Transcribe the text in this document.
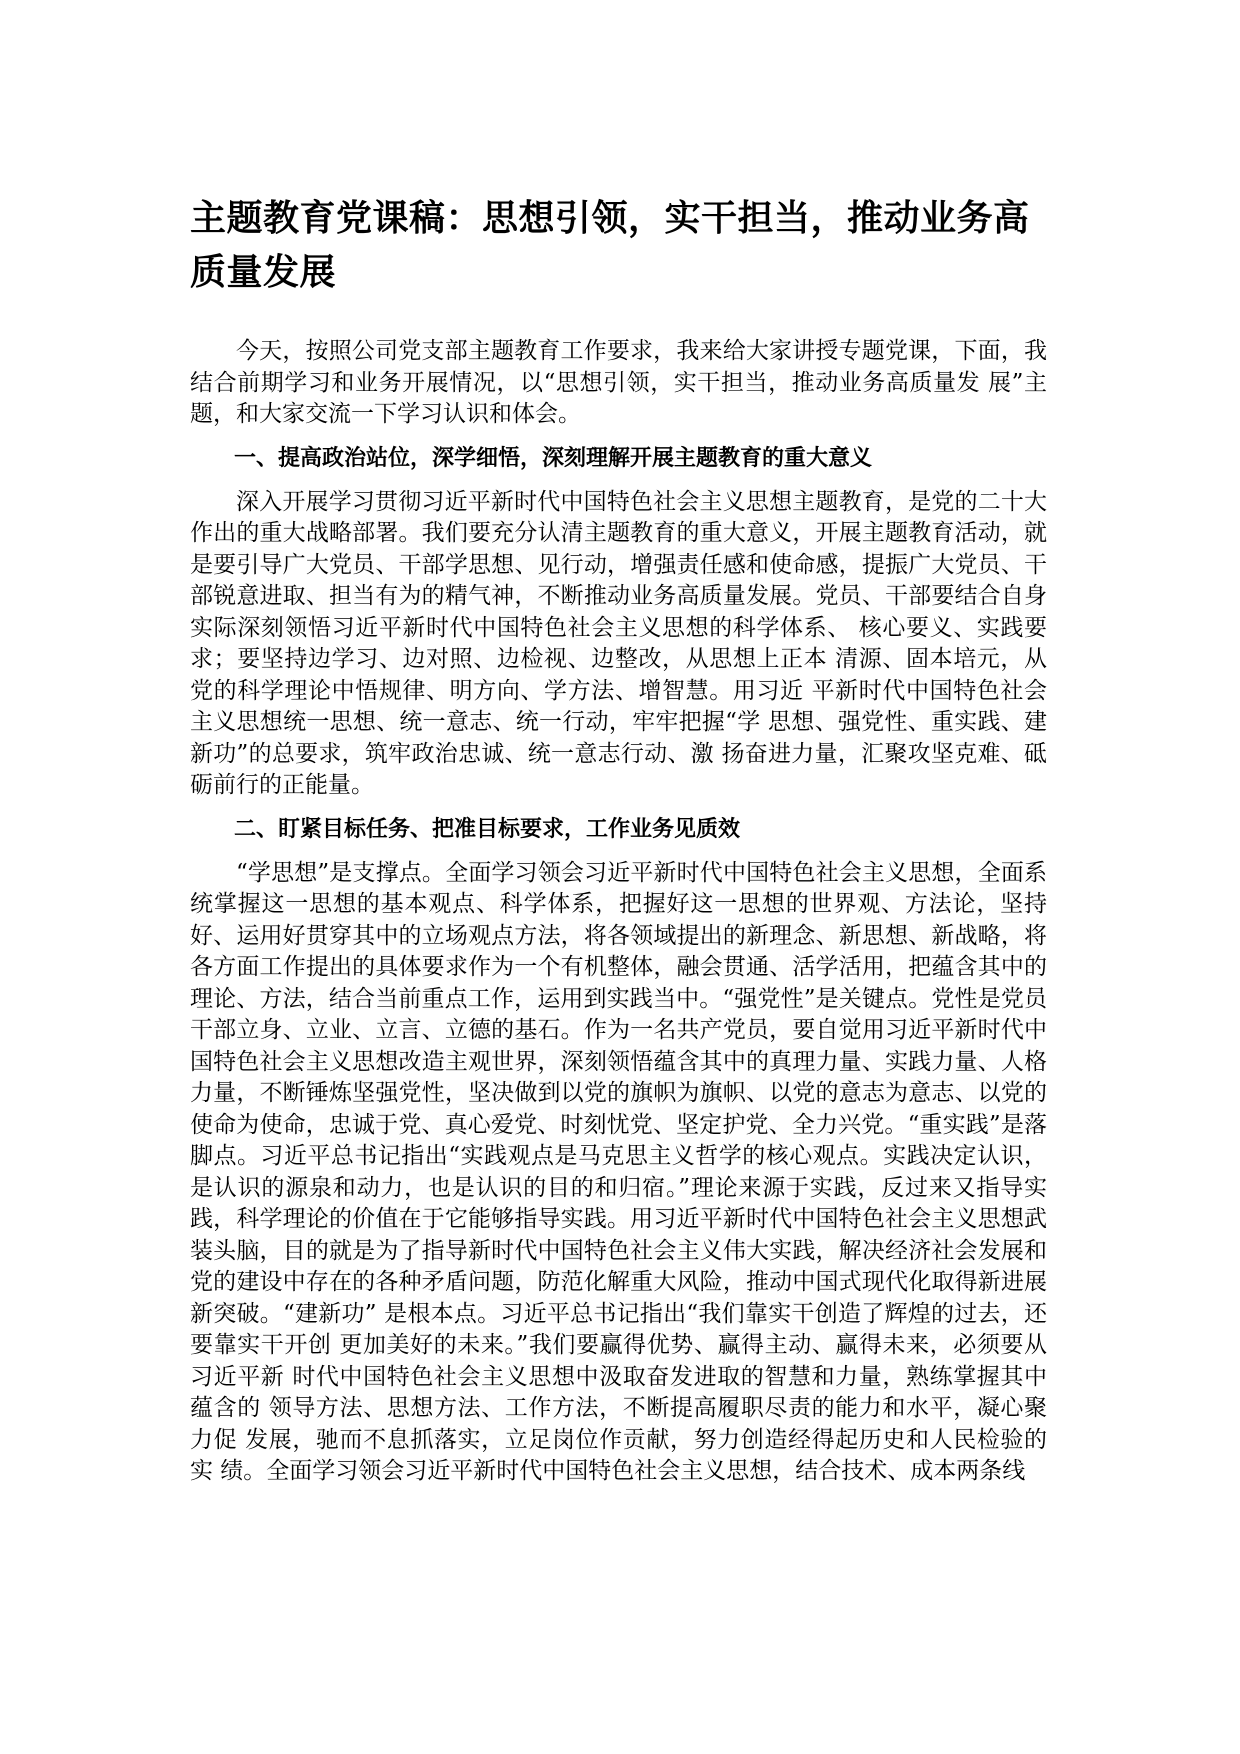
主题教育党课稿：思想引领，实干担当，推动业务高质量发展

今天，按照公司党支部主题教育工作要求，我来给大家讲授专题党课，下面，我结合前期学习和业务开展情况，以“思想引领，实干担当，推动业务高质量发 展”主题，和大家交流一下学习认识和体会。

一、提高政治站位，深学细悟，深刻理解开展主题教育的重大意义

深入开展学习贯彻习近平新时代中国特色社会主义思想主题教育，是党的二十大作出的重大战略部署。我们要充分认清主题教育的重大意义，开展主题教育活动，就是要引导广大党员、干部学思想、见行动，增强责任感和使命感，提振广大党员、干部锐意进取、担当有为的精气神，不断推动业务高质量发展。党员、干部要结合自身实际深刻领悟习近平新时代中国特色社会主义思想的科学体系、 核心要义、实践要求；要坚持边学习、边对照、边检视、边整改，从思想上正本 清源、固本培元，从党的科学理论中悟规律、明方向、学方法、增智慧。用习近 平新时代中国特色社会主义思想统一思想、统一意志、统一行动，牢牢把握“学 思想、强党性、重实践、建新功”的总要求，筑牢政治忠诚、统一意志行动、激 扬奋进力量，汇聚攻坚克难、砥砺前行的正能量。

二、盯紧目标任务、把准目标要求，工作业务见质效

“学思想”是支撑点。全面学习领会习近平新时代中国特色社会主义思想，全面系统掌握这一思想的基本观点、科学体系，把握好这一思想的世界观、方法论，坚持好、运用好贯穿其中的立场观点方法，将各领域提出的新理念、新思想、新战略，将各方面工作提出的具体要求作为一个有机整体，融会贯通、活学活用，把蕴含其中的理论、方法，结合当前重点工作，运用到实践当中。“强党性”是关键点。党性是党员干部立身、立业、立言、立德的基石。作为一名共产党员，要自觉用习近平新时代中国特色社会主义思想改造主观世界，深刻领悟蕴含其中的真理力量、实践力量、人格力量，不断锤炼坚强党性，坚决做到以党的旗帜为旗帜、以党的意志为意志、以党的使命为使命，忠诚于党、真心爱党、时刻忧党、坚定护党、全力兴党。“重实践”是落脚点。习近平总书记指出“实践观点是马克思主义哲学的核心观点。实践决定认识，是认识的源泉和动力，也是认识的目的和归宿。”理论来源于实践，反过来又指导实践，科学理论的价值在于它能够指导实践。用习近平新时代中国特色社会主义思想武装头脑，目的就是为了指导新时代中国特色社会主义伟大实践，解决经济社会发展和党的建设中存在的各种矛盾问题，防范化解重大风险，推动中国式现代化取得新进展新突破。“建新功” 是根本点。习近平总书记指出“我们靠实干创造了辉煌的过去，还要靠实干开创 更加美好的未来。”我们要赢得优势、赢得主动、赢得未来，必须要从习近平新 时代中国特色社会主义思想中汲取奋发进取的智慧和力量，熟练掌握其中蕴含的 领导方法、思想方法、工作方法，不断提高履职尽责的能力和水平，凝心聚力促 发展，驰而不息抓落实，立足岗位作贡献，努力创造经得起历史和人民检验的实 绩。全面学习领会习近平新时代中国特色社会主义思想，结合技术、成本两条线
